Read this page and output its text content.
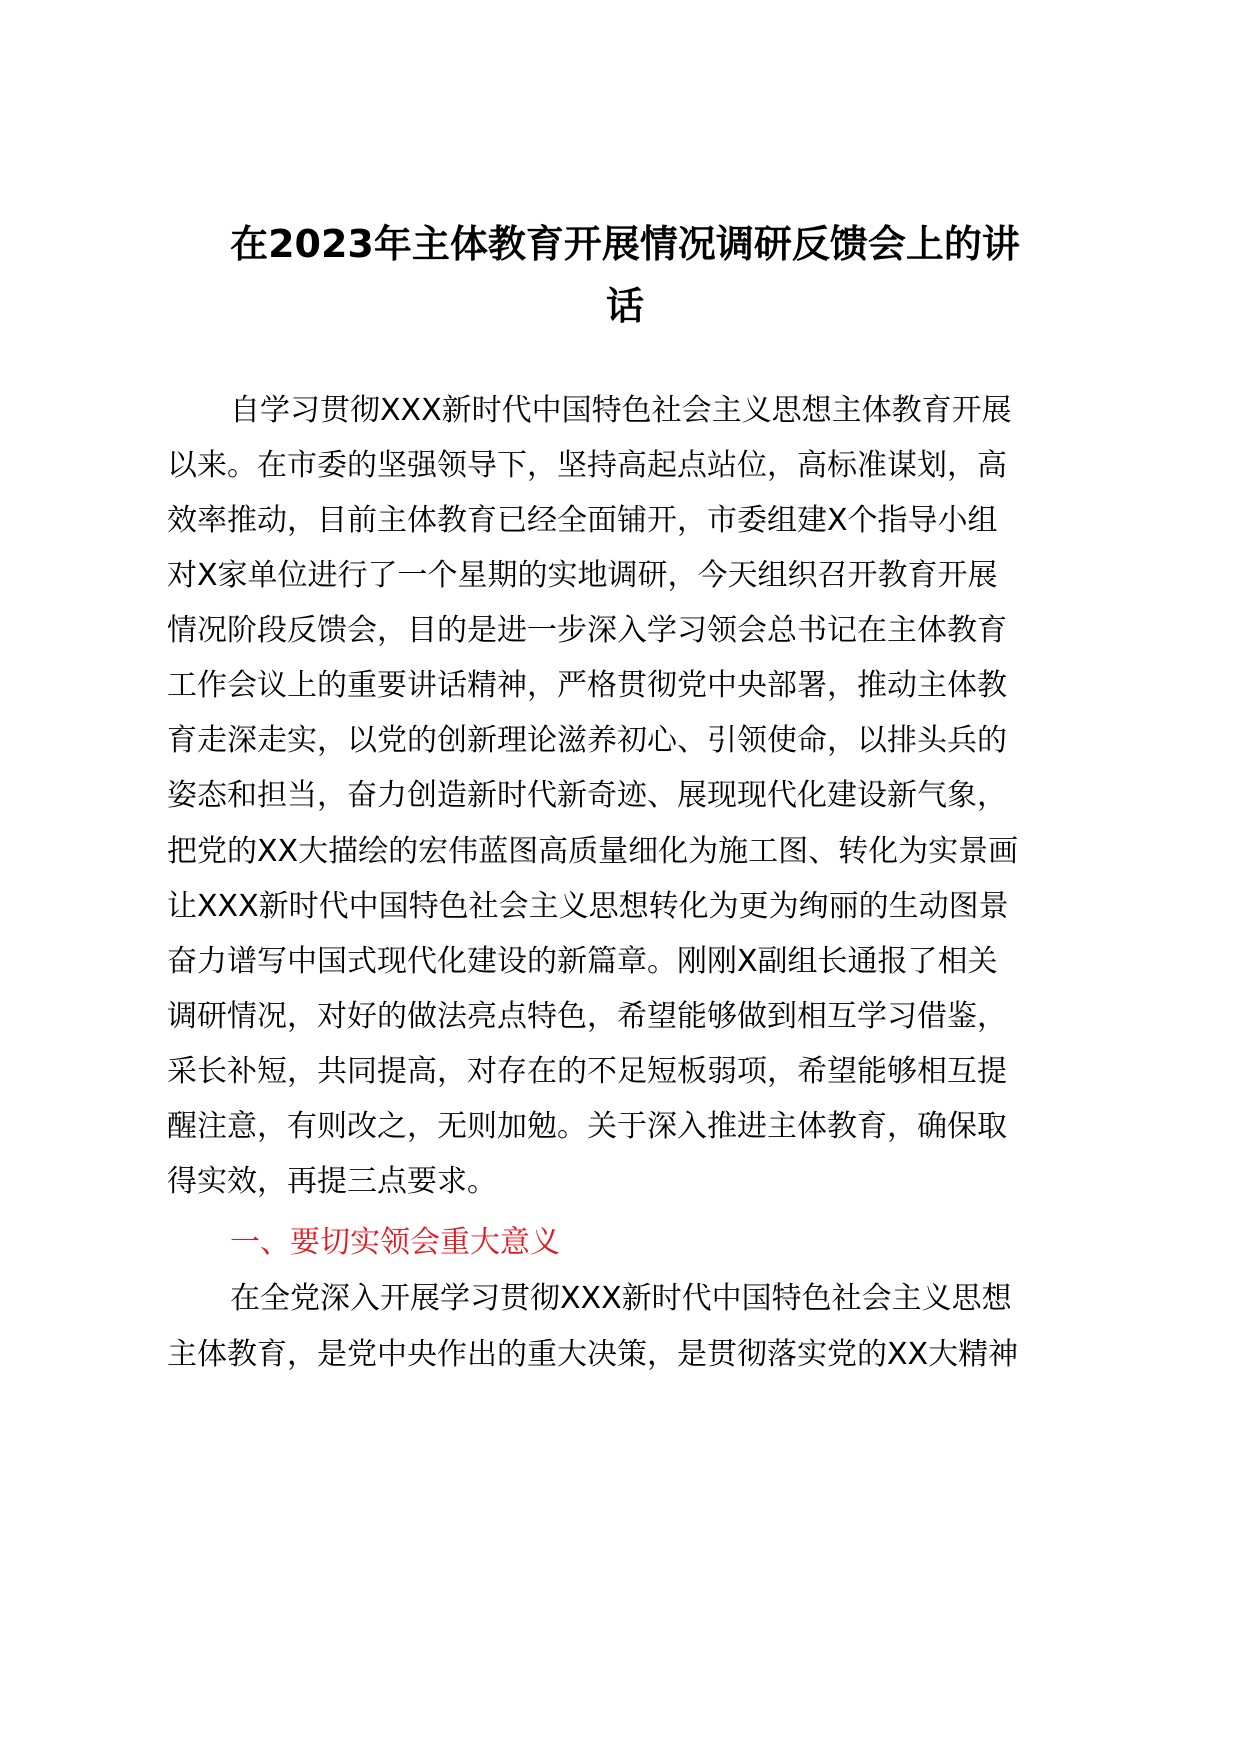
在2023年主体教育开展情况调研反馈会上的讲
话
自学习贯彻XXX新时代中国特色社会主义思想主体教育开展
以来。在市委的坚强领导下，坚持高起点站位，高标准谋划，高
效率推动，目前主体教育已经全面铺开，市委组建X个指导小组
对X家单位进行了一个星期的实地调研，今天组织召开教育开展
情况阶段反馈会，目的是进一步深入学习领会总书记在主体教育
工作会议上的重要讲话精神，严格贯彻党中央部署，推动主体教
育走深走实，以党的创新理论滋养初心、引领使命，以排头兵的
姿态和担当，奋力创造新时代新奇迹、展现现代化建设新气象，
把党的XX大描绘的宏伟蓝图高质量细化为施工图、转化为实景画
让XXX新时代中国特色社会主义思想转化为更为绚丽的生动图景
奋力谱写中国式现代化建设的新篇章。刚刚X副组长通报了相关
调研情况，对好的做法亮点特色，希望能够做到相互学习借鉴，
采长补短，共同提高，对存在的不足短板弱项，希望能够相互提
醒注意，有则改之，无则加勉。关于深入推进主体教育，确保取
得实效，再提三点要求。
一、要切实领会重大意义
在全党深入开展学习贯彻XXX新时代中国特色社会主义思想
主体教育，是党中央作出的重大决策，是贯彻落实党的XX大精神
